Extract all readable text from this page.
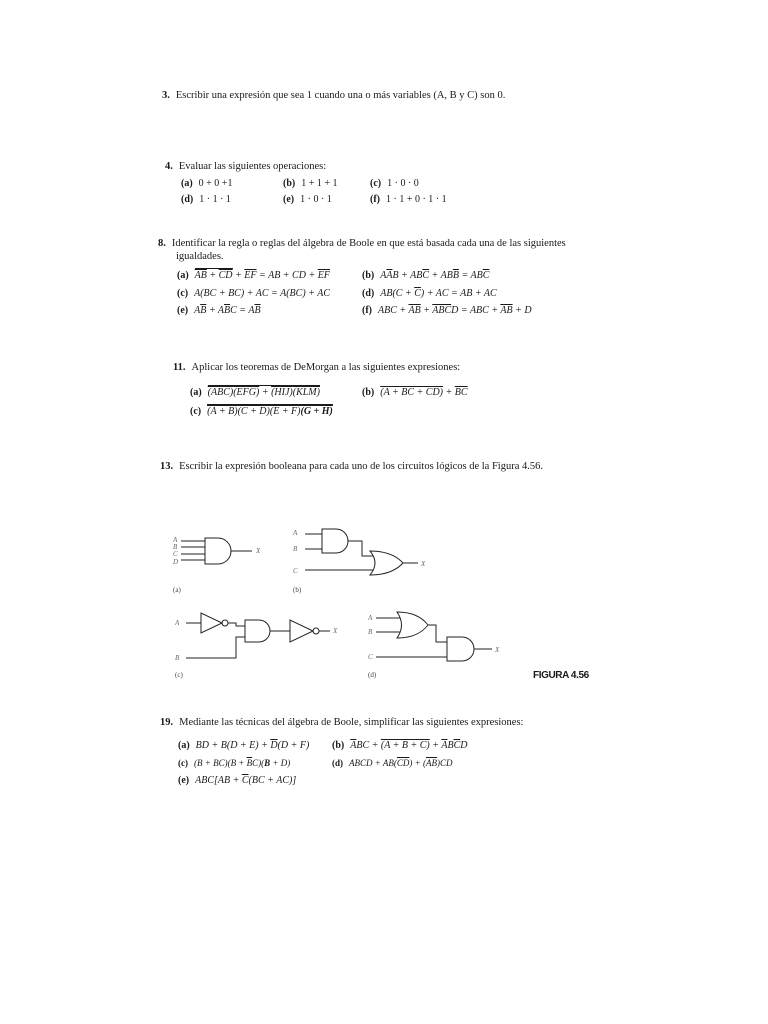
3. Escribir una expresión que sea 1 cuando una o más variables (A, B y C) son 0.
4. Evaluar las siguientes operaciones:
(a) 0 + 0 +1	(b) 1 + 1 + 1	(c) 1 · 0 · 0
(d) 1 · 1 · 1	(e) 1 · 0 · 1	(f) 1 · 1 + 0 · 1 · 1
8. Identificar la regla o reglas del álgebra de Boole en que está basada cada una de las siguientes
igualdades.
(a) $\overline{AB} + \overline{CD} + \overline{EF}$ = AB + CD + $\overline{EF}$	(b) $A\overline{A}B + AB\overline{C} + AB\overline{B} = AB\overline{C}$
(c) A(BC + BC) + AC = A(BC) + AC	(d) $AB(C + \overline{C})$ + AC = AB + AC
(e) $A\overline{B} + A\overline{B}C = A\overline{B}$	(f) ABC + $\overline{AB} + \overline{ABC}D$ = ABC + $\overline{AB} + D$
11. Aplicar los teoremas de DeMorgan a las siguientes expresiones:
(a) (ABC)(EFG) + (HIJ)(KLM)	(b) (A + BC + $CD) + \overline{BC}$
(c) (A + B)(C + D)(E + F)(G + H)
13. Escribir la expresión booleana para cada uno de los circuitos lógicos de la Figura 4.56.
A
B
C
D
X
(a)
A
B
C
X
(b)
A
B
X
(c)
A
B
C
X
(d)	FIGURA 4.56
19. Mediante las técnicas del álgebra de Boole, simplificar las siguientes expresiones:
(a) BD + $B(D + E) + \overline{D}(D + F)$ (b) $\overline{A}BC + (A + B + C) + \overline{A}B\overline{C}D$
(c) $(B + BC)(B + \overline{B}C)(B + D)$	(d) ABCD + $AB(\overline{CD}) + (\overline{AB})CD$
(e) $ABC[AB + \overline{C}(BC + AC)]$
